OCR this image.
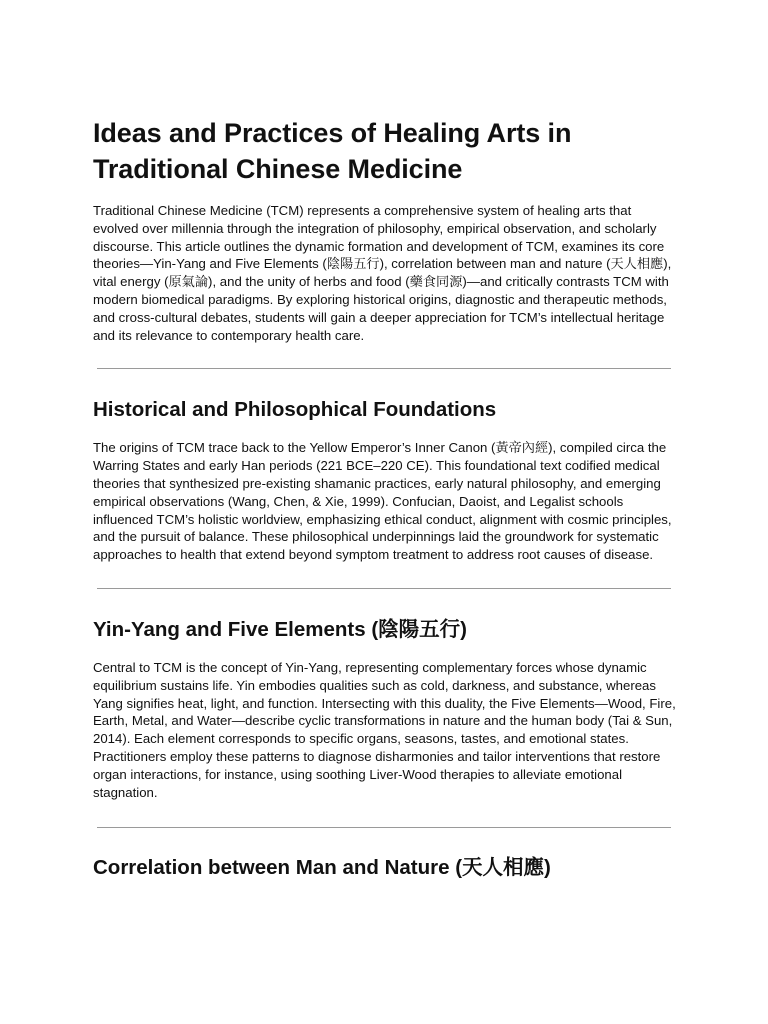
Ideas and Practices of Healing Arts in Traditional Chinese Medicine

Traditional Chinese Medicine (TCM) represents a comprehensive system of healing arts that evolved over millennia through the integration of philosophy, empirical observation, and scholarly discourse. This article outlines the dynamic formation and development of TCM, examines its core theories—Yin-Yang and Five Elements (陰陽五行), correlation between man and nature (天人相應), vital energy (原氣論), and the unity of herbs and food (藥食同源)—and critically contrasts TCM with modern biomedical paradigms. By exploring historical origins, diagnostic and therapeutic methods, and cross-cultural debates, students will gain a deeper appreciation for TCM’s intellectual heritage and its relevance to contemporary health care.

Historical and Philosophical Foundations

The origins of TCM trace back to the Yellow Emperor’s Inner Canon (黃帝內經), compiled circa the Warring States and early Han periods (221 BCE–220 CE). This foundational text codified medical theories that synthesized pre-existing shamanic practices, early natural philosophy, and emerging empirical observations (Wang, Chen, & Xie, 1999). Confucian, Daoist, and Legalist schools influenced TCM’s holistic worldview, emphasizing ethical conduct, alignment with cosmic principles, and the pursuit of balance. These philosophical underpinnings laid the groundwork for systematic approaches to health that extend beyond symptom treatment to address root causes of disease.

Yin-Yang and Five Elements (陰陽五行)

Central to TCM is the concept of Yin-Yang, representing complementary forces whose dynamic equilibrium sustains life. Yin embodies qualities such as cold, darkness, and substance, whereas Yang signifies heat, light, and function. Intersecting with this duality, the Five Elements—Wood, Fire, Earth, Metal, and Water—describe cyclic transformations in nature and the human body (Tai & Sun, 2014). Each element corresponds to specific organs, seasons, tastes, and emotional states. Practitioners employ these patterns to diagnose disharmonies and tailor interventions that restore organ interactions, for instance, using soothing Liver-Wood therapies to alleviate emotional stagnation.

Correlation between Man and Nature (天人相應)
